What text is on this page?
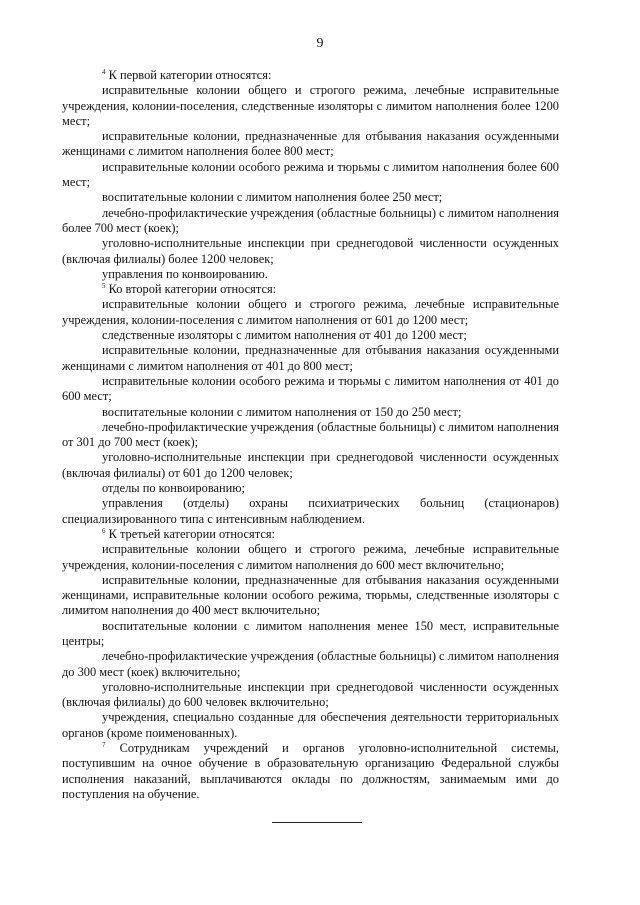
9

$^4$ К первой категории относятся:

исправительные колонии общего и строгого режима, лечебные исправительные учреждения, колонии-поселения, следственные изоляторы с лимитом наполнения более 1200 мест;

исправительные колонии, предназначенные для отбывания наказания осужденными женщинами с лимитом наполнения более 800 мест;

исправительные колонии особого режима и тюрьмы с лимитом наполнения более 600 мест;

воспитательные колонии с лимитом наполнения более 250 мест;

лечебно-профилактические учреждения (областные больницы) с лимитом наполнения более 700 мест (коек);

уголовно-исполнительные инспекции при среднегодовой численности осужденных (включая филиалы) более 1200 человек;

управления по конвоированию.

$^5$ Ко второй категории относятся:

исправительные колонии общего и строгого режима, лечебные исправительные учреждения, колонии-поселения с лимитом наполнения от 601 до 1200 мест;

следственные изоляторы с лимитом наполнения от 401 до 1200 мест;

исправительные колонии, предназначенные для отбывания наказания осужденными женщинами с лимитом наполнения от 401 до 800 мест;

исправительные колонии особого режима и тюрьмы с лимитом наполнения от 401 до 600 мест;

воспитательные колонии с лимитом наполнения от 150 до 250 мест;

лечебно-профилактические учреждения (областные больницы) с лимитом наполнения от 301 до 700 мест (коек);

уголовно-исполнительные инспекции при среднегодовой численности осужденных (включая филиалы) от 601 до 1200 человек;

отделы по конвоированию;

управления (отделы) охраны психиатрических больниц (стационаров) специализированного типа с интенсивным наблюдением.

$^6$ К третьей категории относятся:

исправительные колонии общего и строгого режима, лечебные исправительные учреждения, колонии-поселения с лимитом наполнения до 600 мест включительно;

исправительные колонии, предназначенные для отбывания наказания осужденными женщинами, исправительные колонии особого режима, тюрьмы, следственные изоляторы с лимитом наполнения до 400 мест включительно;

воспитательные колонии с лимитом наполнения менее 150 мест, исправительные центры;

лечебно-профилактические учреждения (областные больницы) с лимитом наполнения до 300 мест (коек) включительно;

уголовно-исполнительные инспекции при среднегодовой численности осужденных (включая филиалы) до 600 человек включительно;

учреждения, специально созданные для обеспечения деятельности территориальных органов (кроме поименованных).

$^7$ Сотрудникам учреждений и органов уголовно-исполнительной системы, поступившим на очное обучение в образовательную организацию Федеральной службы исполнения наказаний, выплачиваются оклады по должностям, занимаемым ими до поступления на обучение.
